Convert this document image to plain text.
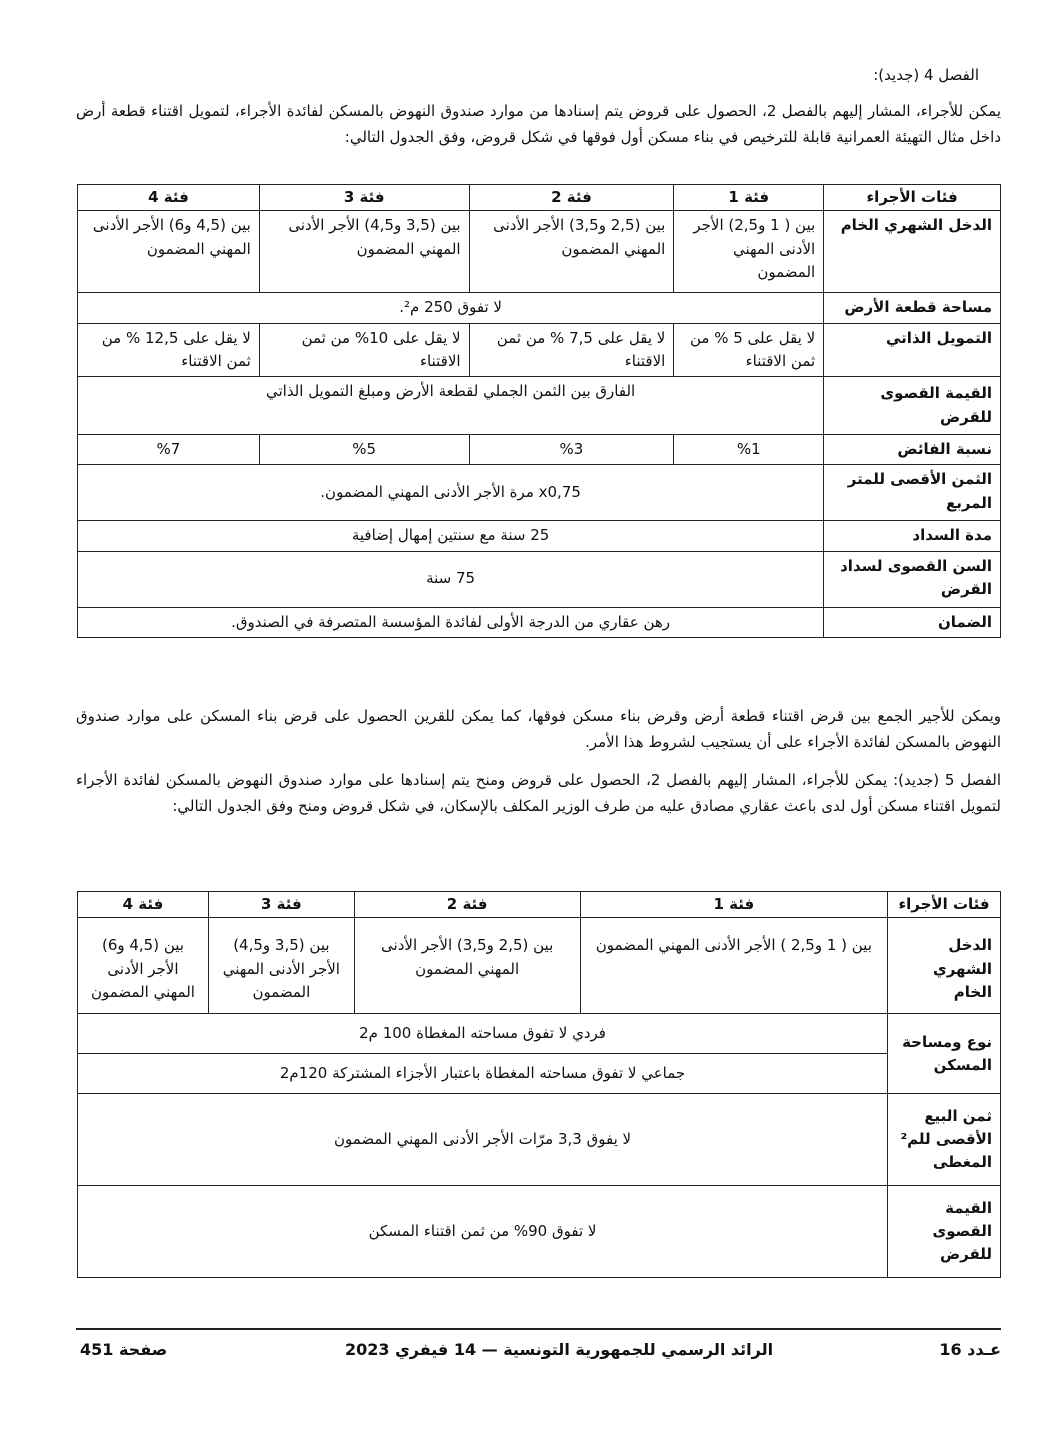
الفصل 4 (جديد):
يمكن للأجراء، المشار إليهم بالفصل 2، الحصول على قروض يتم إسنادها من موارد صندوق النهوض بالمسكن لفائدة الأجراء، لتمويل اقتناء قطعة أرض داخل مثال التهيئة العمرانية قابلة للترخيص في بناء مسكن أول فوقها في شكل قروض، وفق الجدول التالي:
فئات الأجراء	فئة 1	فئة 2	فئة 3	فئة 4
الدخل الشهري الخام	بين ( 1 و2,5) الأجر الأدنى المهني المضمون	بين (2,5 و3,5) الأجر الأدنى المهني المضمون	بين (3,5 و4,5) الأجر الأدنى المهني المضمون	بين (4,5 و6) الأجر الأدنى المهني المضمون
مساحة قطعة الأرض	لا تفوق 250 م².			
التمويل الذاتي	لا يقل على 5 % من ثمن الاقتناء	لا يقل على 7,5 % من ثمن الاقتناء	لا يقل على 10% من ثمن الاقتناء	لا يقل على 12,5 % من ثمن الاقتناء
القيمة القصوى للقرض	الفارق بين الثمن الجملي لقطعة الأرض ومبلغ التمويل الذاتي			
نسبة الفائض	%1	%3	%5	%7
الثمن الأقصى للمتر المربع	x0,75 مرة الأجر الأدنى المهني المضمون.			
مدة السداد	25 سنة مع سنتين إمهال إضافية			
السن القصوى لسداد القرض	75 سنة			
الضمان	رهن عقاري من الدرجة الأولى لفائدة المؤسسة المتصرفة في الصندوق.			
ويمكن للأجير الجمع بين قرض اقتناء قطعة أرض وقرض بناء مسكن فوقها، كما يمكن للقرين الحصول على قرض بناء المسكن على موارد صندوق النهوض بالمسكن لفائدة الأجراء على أن يستجيب لشروط هذا الأمر.
الفصل 5 (جديد): يمكن للأجراء، المشار إليهم بالفصل 2، الحصول على قروض ومنح يتم إسنادها على موارد صندوق النهوض بالمسكن لفائدة الأجراء لتمويل اقتناء مسكن أول لدى باعث عقاري مصادق عليه من طرف الوزير المكلف بالإسكان، في شكل قروض ومنح وفق الجدول التالي:
فئات الأجراء	فئة 1	فئة 2	فئة 3	فئة 4
الدخل الشهري الخام	بين ( 1 و2,5 ) الأجر الأدنى المهني المضمون	بين (2,5 و3,5) الأجر الأدنى المهني المضمون	بين (3,5 و4,5) الأجر الأدنى المهني المضمون	بين (4,5 و6) الأجر الأدنى المهني المضمون
نوع ومساحة المسكن	فردي لا تفوق مساحته المغطاة 100 م2			
	جماعي لا تفوق مساحته المغطاة باعتبار الأجزاء المشتركة 120م2			
ثمن البيع الأقصى للم² المغطى	لا يفوق 3,3 مرّات الأجر الأدنى المهني المضمون			
القيمة القصوى للقرض	لا تفوق 90% من ثمن اقتناء المسكن			
عـدد 16
الرائد الرسمي للجمهورية التونسية — 14 فيفري 2023
صفحة 451
